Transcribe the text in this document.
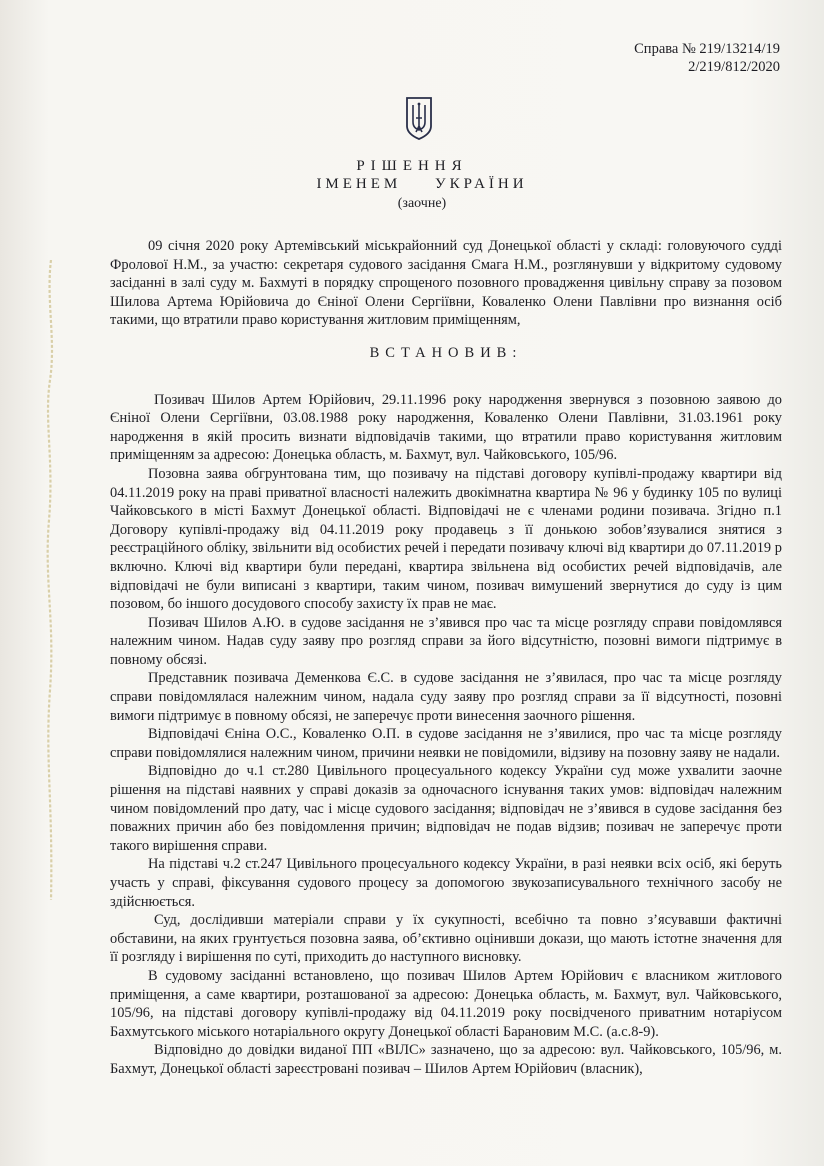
Справа № 219/13214/19
2/219/812/2020
РІШЕННЯ
ІМЕНЕМ УКРАЇНИ
(заочне)

09 січня 2020 року Артемівський міськрайонний суд Донецької області у складі: головуючого судді Фролової Н.М., за участю: секретаря судового засідання Смага Н.М., розглянувши у відкритому судовому засіданні в залі суду м. Бахмуті в порядку спрощеного позовного провадження цивільну справу за позовом Шилова Артема Юрійовича до Єніної Олени Сергіївни, Коваленко Олени Павлівни про визнання осіб такими, що втратили право користування житловим приміщенням,

ВСТАНОВИВ:

Позивач Шилов Артем Юрійович, 29.11.1996 року народження звернувся з позовною заявою до Єніної Олени Сергіївни, 03.08.1988 року народження, Коваленко Олени Павлівни, 31.03.1961 року народження в якій просить визнати відповідачів такими, що втратили право користування житловим приміщенням за адресою: Донецька область, м. Бахмут, вул. Чайковського, 105/96.

Позовна заява обгрунтована тим, що позивачу на підставі договору купівлі-продажу квартири від 04.11.2019 року на праві приватної власності належить двокімнатна квартира № 96 у будинку 105 по вулиці Чайковського в місті Бахмут Донецької області. Відповідачі не є членами родини позивача. Згідно п.1 Договору купівлі-продажу від 04.11.2019 року продавець з її донькою зобов’язувалися знятися з реєстраційного обліку, звільнити від особистих речей і передати позивачу ключі від квартири до 07.11.2019 р включно. Ключі від квартири були передані, квартира звільнена від особистих речей відповідачів, але відповідачі не були виписані з квартири, таким чином, позивач вимушений звернутися до суду із цим позовом, бо іншого досудового способу захисту їх прав не має.

Позивач Шилов А.Ю. в судове засідання не з’явився про час та місце розгляду справи повідомлявся належним чином. Надав суду заяву про розгляд справи за його відсутністю, позовні вимоги підтримує в повному обсязі.

Представник позивача Деменкова Є.С. в судове засідання не з’явилася, про час та місце розгляду справи повідомлялася належним чином, надала суду заяву про розгляд справи за її відсутності, позовні вимоги підтримує в повному обсязі, не заперечує проти винесення заочного рішення.

Відповідачі Єніна О.С., Коваленко О.П. в судове засідання не з’явилися, про час та місце розгляду справи повідомлялися належним чином, причини неявки не повідомили, відзиву на позовну заяву не надали.

Відповідно до ч.1 ст.280 Цивільного процесуального кодексу України суд може ухвалити заочне рішення на підставі наявних у справі доказів за одночасного існування таких умов: відповідач належним чином повідомлений про дату, час і місце судового засідання; відповідач не з’явився в судове засідання без поважних причин або без повідомлення причин; відповідач не подав відзив; позивач не заперечує проти такого вирішення справи.

На підставі ч.2 ст.247 Цивільного процесуального кодексу України, в разі неявки всіх осіб, які беруть участь у справі, фіксування судового процесу за допомогою звукозаписувального технічного засобу не здійснюється.

Суд, дослідивши матеріали справи у їх сукупності, всебічно та повно з’ясувавши фактичні обставини, на яких грунтується позовна заява, об’єктивно оцінивши докази, що мають істотне значення для її розгляду і вирішення по суті, приходить до наступного висновку.

В судовому засіданні встановлено, що позивач Шилов Артем Юрійович є власником житлового приміщення, а саме квартири, розташованої за адресою: Донецька область, м. Бахмут, вул. Чайковського, 105/96, на підставі договору купівлі-продажу від 04.11.2019 року посвідченого приватним нотаріусом Бахмутського міського нотаріального округу Донецької області Барановим М.С. (а.с.8-9).

Відповідно до довідки виданої ПП «ВІЛС» зазначено, що за адресою: вул. Чайковського, 105/96, м. Бахмут, Донецької області зареєстровані позивач – Шилов Артем Юрійович (власник),
